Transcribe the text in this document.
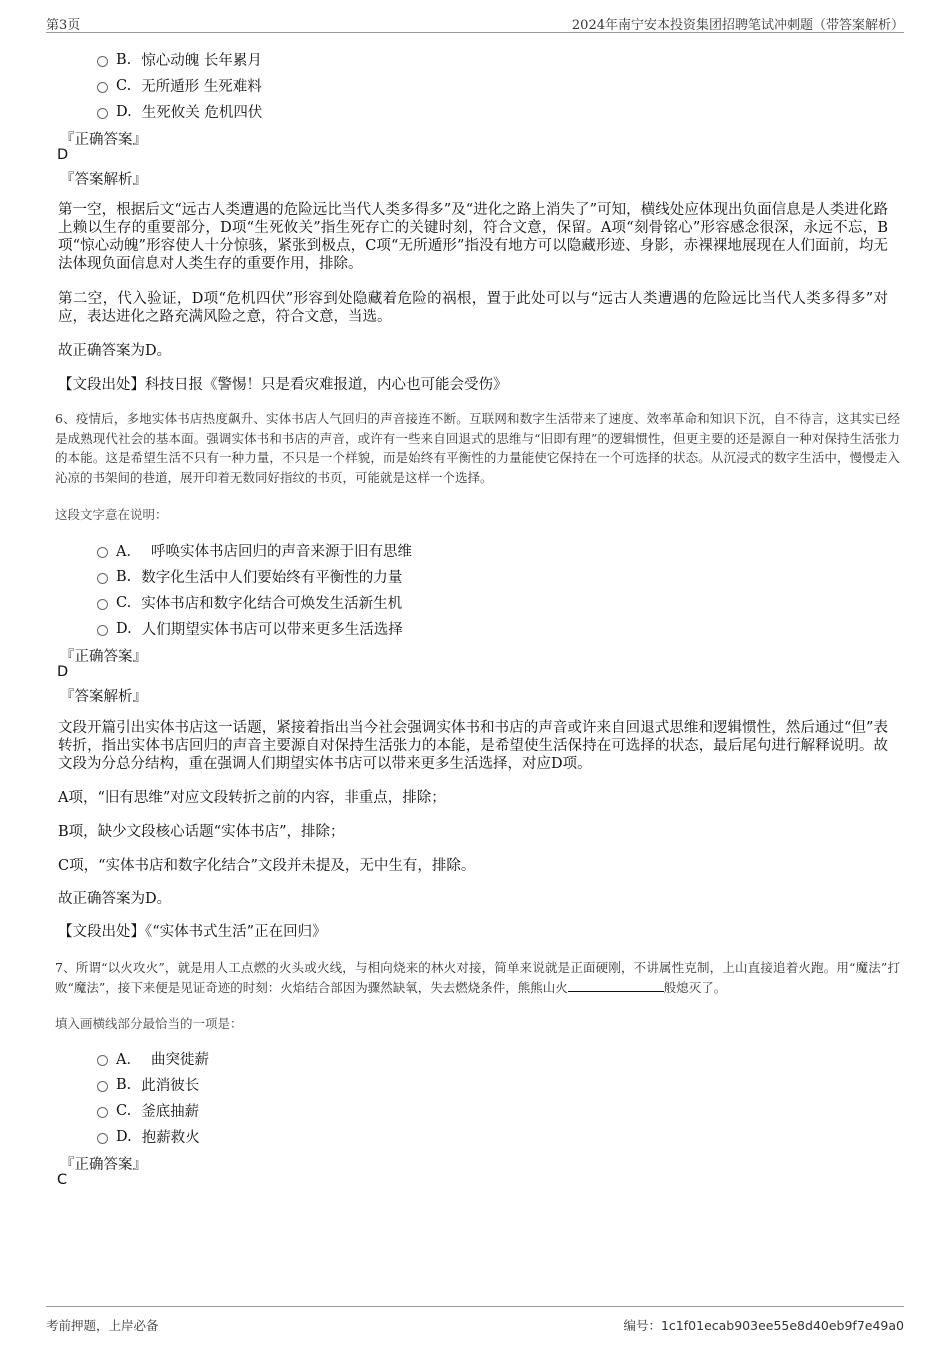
第3页	2024年南宁安本投资集团招聘笔试冲刺题（带答案解析）
B. 惊心动魄 长年累月
C. 无所遁形 生死难料
D. 生死攸关 危机四伏
『正确答案』
D
『答案解析』
第一空，根据后文“远古人类遭遇的危险远比当代人类多得多”及“进化之路上消失了”可知，横线处应体现出负面信息是人类进化路上赖以生存的重要部分，D项“生死攸关”指生死存亡的关键时刻，符合文意，保留。A项“刻骨铭心”形容感念很深，永远不忘，B项“惊心动魄”形容使人十分惊骇，紧张到极点，C项“无所遁形”指没有地方可以隐藏形迹、身影，赤裸裸地展现在人们面前，均无法体现负面信息对人类生存的重要作用，排除。
第二空，代入验证，D项“危机四伏”形容到处隐藏着危险的祸根，置于此处可以与“远古人类遭遇的危险远比当代人类多得多”对应，表达进化之路充满风险之意，符合文意，当选。
故正确答案为D。
【文段出处】科技日报《警惕！只是看灾难报道，内心也可能会受伤》
6、疫情后，多地实体书店热度飙升、实体书店人气回归的声音接连不断。互联网和数字生活带来了速度、效率革命和知识下沉，自不待言，这其实已经是成熟现代社会的基本面。强调实体书和书店的声音，或许有一些来自回退式的思维与“旧即有理”的逻辑惯性，但更主要的还是源自一种对保持生活张力的本能。这是希望生活不只有一种力量，不只是一个样貌，而是始终有平衡性的力量能使它保持在一个可选择的状态。从沉浸式的数字生活中，慢慢走入沁凉的书架间的巷道，展开印着无数同好指纹的书页，可能就是这样一个选择。
这段文字意在说明：
A． 呼唤实体书店回归的声音来源于旧有思维
B. 数字化生活中人们要始终有平衡性的力量
C. 实体书店和数字化结合可焕发生活新生机
D. 人们期望实体书店可以带来更多生活选择
『正确答案』
D
『答案解析』
文段开篇引出实体书店这一话题，紧接着指出当今社会强调实体书和书店的声音或许来自回退式思维和逻辑惯性，然后通过“但”表转折，指出实体书店回归的声音主要源自对保持生活张力的本能，是希望使生活保持在可选择的状态，最后尾句进行解释说明。故文段为分总分结构，重在强调人们期望实体书店可以带来更多生活选择，对应D项。
A项，“旧有思维”对应文段转折之前的内容，非重点，排除；
B项，缺少文段核心话题“实体书店”，排除；
C项，“实体书店和数字化结合”文段并未提及，无中生有，排除。
故正确答案为D。
【文段出处】《“实体书式生活”正在回归》
7、所谓“以火攻火”，就是用人工点燃的火头或火线，与相向烧来的林火对接，简单来说就是正面硬刚，不讲属性克制，上山直接追着火跑。用“魔法”打败“魔法”，接下来便是见证奇迹的时刻：火焰结合部因为骤然缺氧，失去燃烧条件，熊熊山火	般熄灭了。
填入画横线部分最恰当的一项是：
A． 曲突徙薪
B. 此消彼长
C. 釜底抽薪
D. 抱薪救火
『正确答案』
C
考前押题，上岸必备	编号：1c1f01ecab903ee55e8d40eb9f7e49a0
